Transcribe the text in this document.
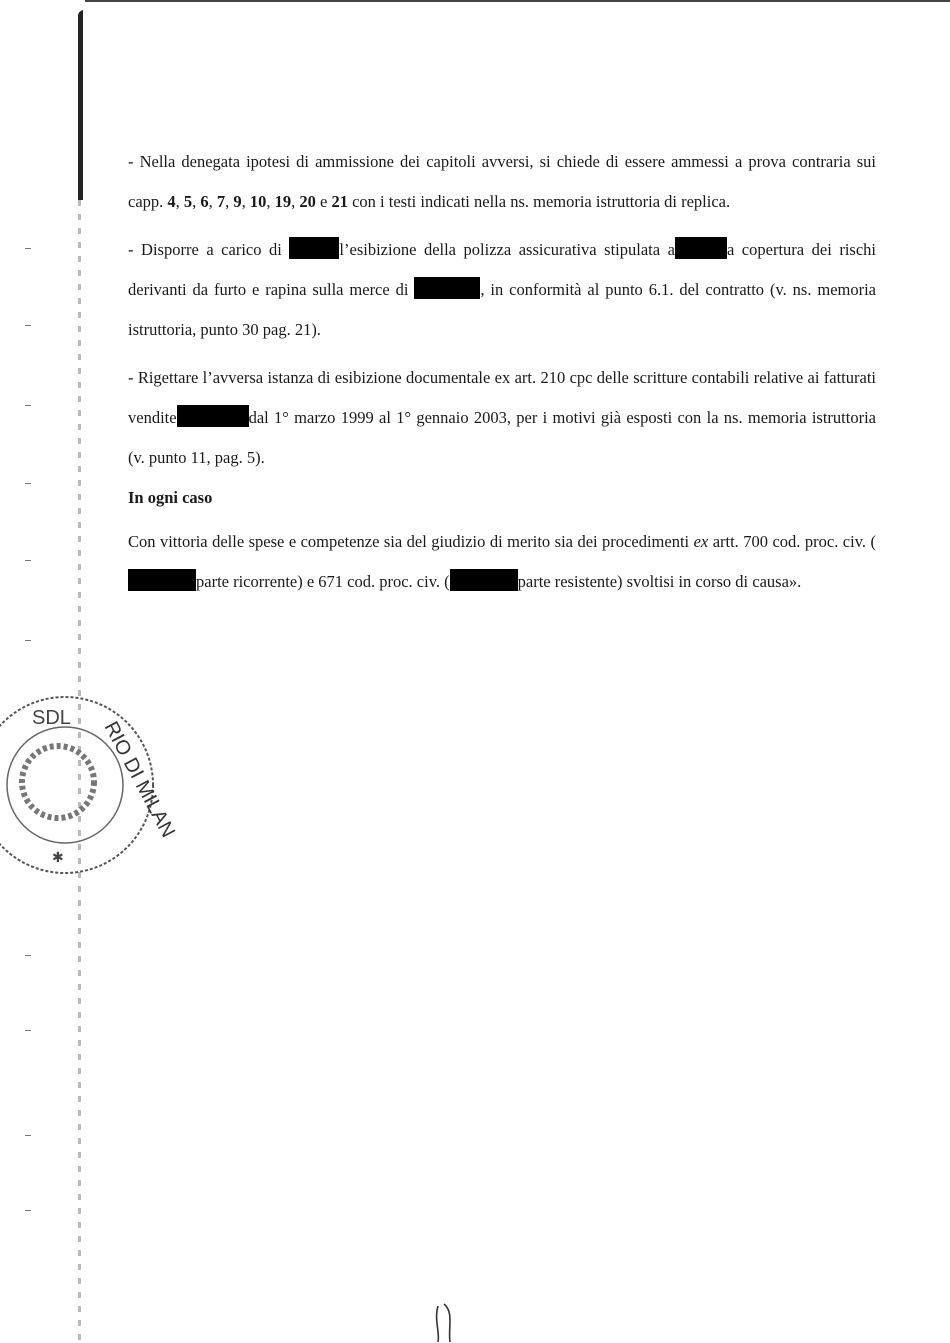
- Nella denegata ipotesi di ammissione dei capitoli avversi, si chiede di essere ammessi a prova contraria sui capp. 4, 5, 6, 7, 9, 10, 19, 20 e 21 con i testi indicati nella ns. memoria istruttoria di replica.

- Disporre a carico di	l’esibizione della polizza assicurativa stipulata a	a copertura dei rischi derivanti da furto e rapina sulla merce di	, in conformità al punto 6.1. del contratto (v. ns. memoria istruttoria, punto 30 pag. 21).

- Rigettare l’avversa istanza di esibizione documentale ex art. 210 cpc delle scritture contabili relative ai fatturati vendite	dal 1° marzo 1999 al 1° gennaio 2003, per i motivi già esposti con la ns. memoria istruttoria (v. punto 11, pag. 5).

In ogni caso

Con vittoria delle spese e competenze sia del giudizio di merito sia dei procedimenti ex artt. 700 cod. proc. civ. (parte ricorrente) e 671 cod. proc. civ. (	parte resistente) svoltisi in corso di causa».

SDL
RIO DI MILAN
✱
